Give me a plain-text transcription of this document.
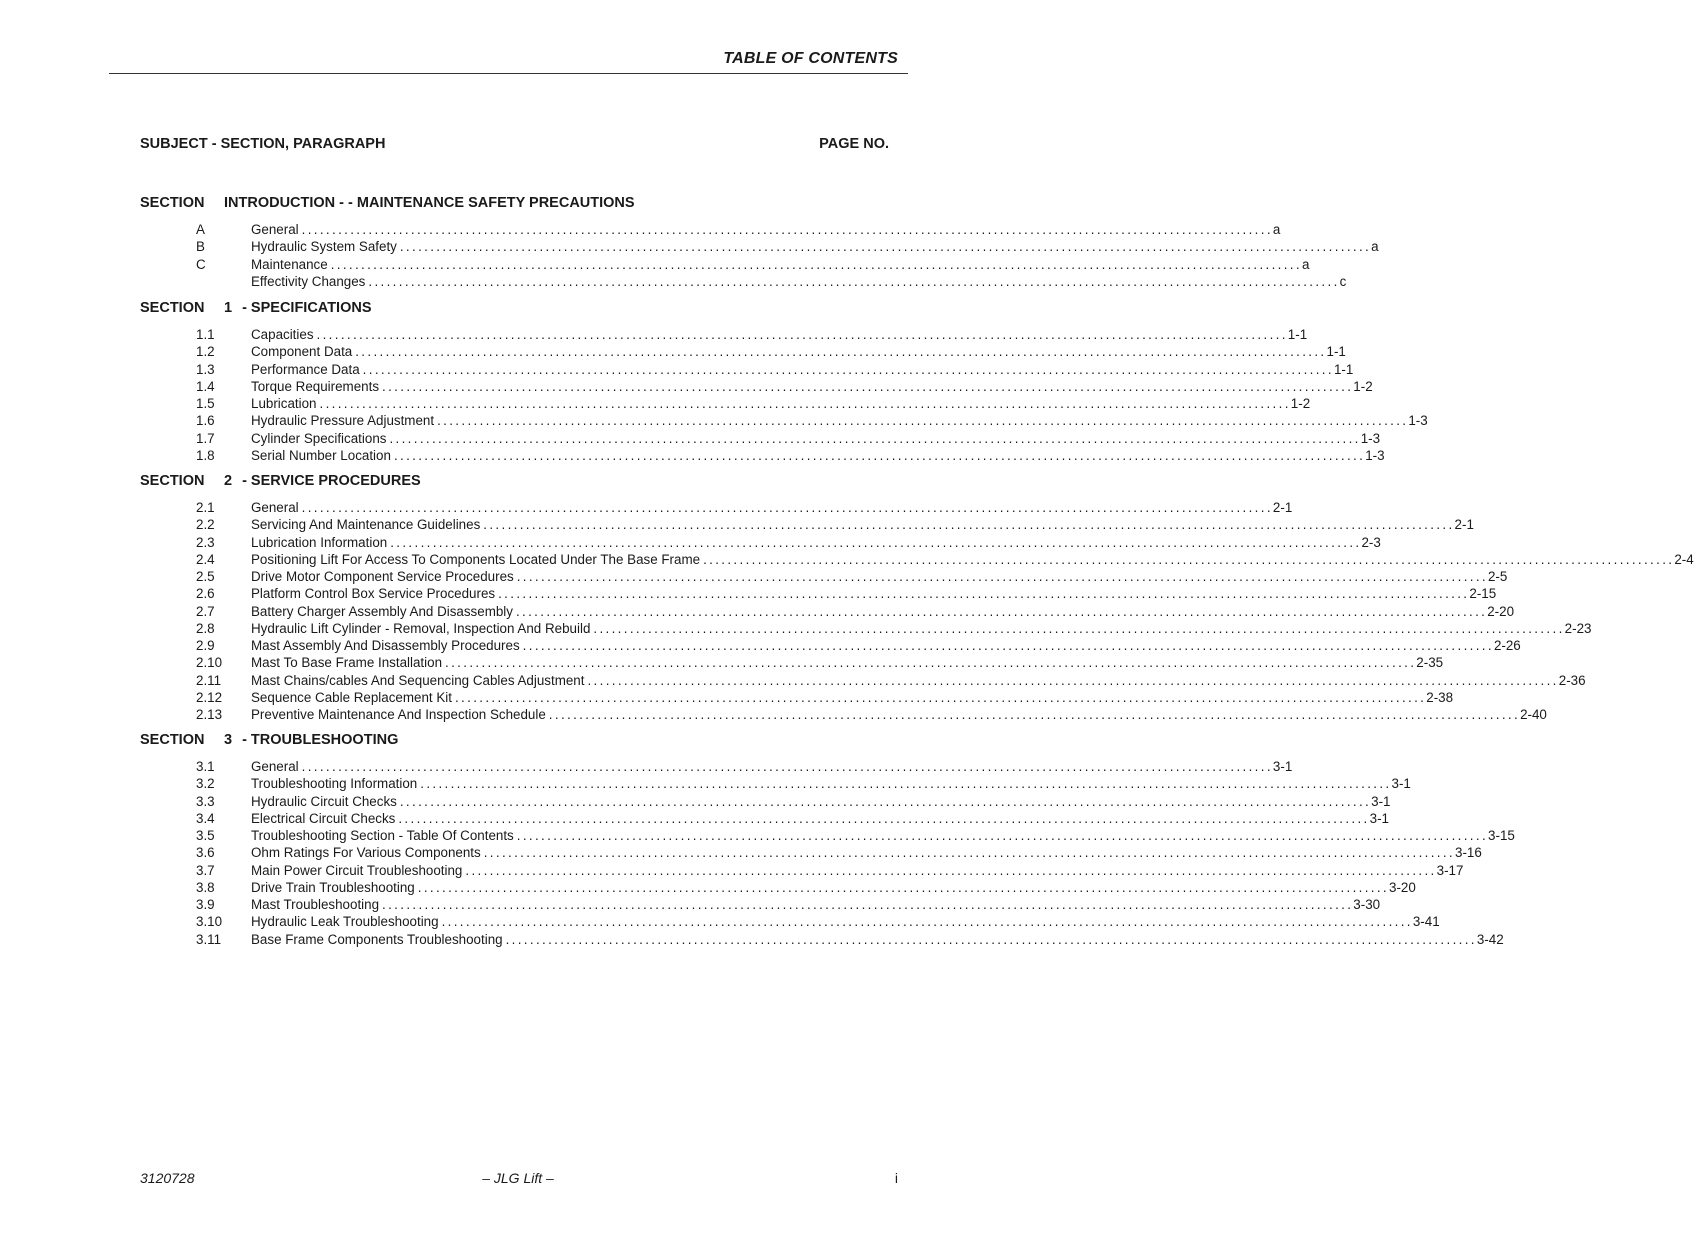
TABLE OF CONTENTS
SUBJECT - SECTION, PARAGRAPH	PAGE NO.
SECTION INTRODUCTION - - MAINTENANCE SAFETY PRECAUTIONS
A	General ................................................................................................................................................................ a
B	Hydraulic System Safety ................................................................................................................................................................ a
C	Maintenance ................................................................................................................................................................ a
Effectivity Changes ................................................................................................................................................................ c
SECTION 1 - SPECIFICATIONS
1.1	Capacities ................................................................................................................................................................ 1-1
1.2	Component Data ................................................................................................................................................................ 1-1
1.3	Performance Data ................................................................................................................................................................ 1-1
1.4	Torque Requirements ................................................................................................................................................................ 1-2
1.5	Lubrication ................................................................................................................................................................ 1-2
1.6	Hydraulic Pressure Adjustment ................................................................................................................................................................ 1-3
1.7	Cylinder Specifications ................................................................................................................................................................ 1-3
1.8	Serial Number Location ................................................................................................................................................................ 1-3
SECTION 2 - SERVICE PROCEDURES
2.1	General ................................................................................................................................................................ 2-1
2.2	Servicing And Maintenance Guidelines ................................................................................................................................................................ 2-1
2.3	Lubrication Information ................................................................................................................................................................ 2-3
2.4	Positioning Lift For Access To Components Located Under The Base Frame ................................................................................................................................................................ 2-4
2.5	Drive Motor Component Service Procedures ................................................................................................................................................................ 2-5
2.6	Platform Control Box Service Procedures ................................................................................................................................................................ 2-15
2.7	Battery Charger Assembly And Disassembly ................................................................................................................................................................ 2-20
2.8	Hydraulic Lift Cylinder - Removal, Inspection And Rebuild ................................................................................................................................................................ 2-23
2.9	Mast Assembly And Disassembly Procedures ................................................................................................................................................................ 2-26
2.10	Mast To Base Frame Installation ................................................................................................................................................................ 2-35
2.11	Mast Chains/cables And Sequencing Cables Adjustment ................................................................................................................................................................ 2-36
2.12	Sequence Cable Replacement Kit ................................................................................................................................................................ 2-38
2.13	Preventive Maintenance And Inspection Schedule ................................................................................................................................................................ 2-40
SECTION 3 - TROUBLESHOOTING
3.1	General ................................................................................................................................................................ 3-1
3.2	Troubleshooting Information ................................................................................................................................................................ 3-1
3.3	Hydraulic Circuit Checks ................................................................................................................................................................ 3-1
3.4	Electrical Circuit Checks ................................................................................................................................................................ 3-1
3.5	Troubleshooting Section - Table Of Contents ................................................................................................................................................................ 3-15
3.6	Ohm Ratings For Various Components ................................................................................................................................................................ 3-16
3.7	Main Power Circuit Troubleshooting ................................................................................................................................................................ 3-17
3.8	Drive Train Troubleshooting ................................................................................................................................................................ 3-20
3.9	Mast Troubleshooting ................................................................................................................................................................ 3-30
3.10	Hydraulic Leak Troubleshooting ................................................................................................................................................................ 3-41
3.11	Base Frame Components Troubleshooting ................................................................................................................................................................ 3-42
3120728	– JLG Lift –	i
